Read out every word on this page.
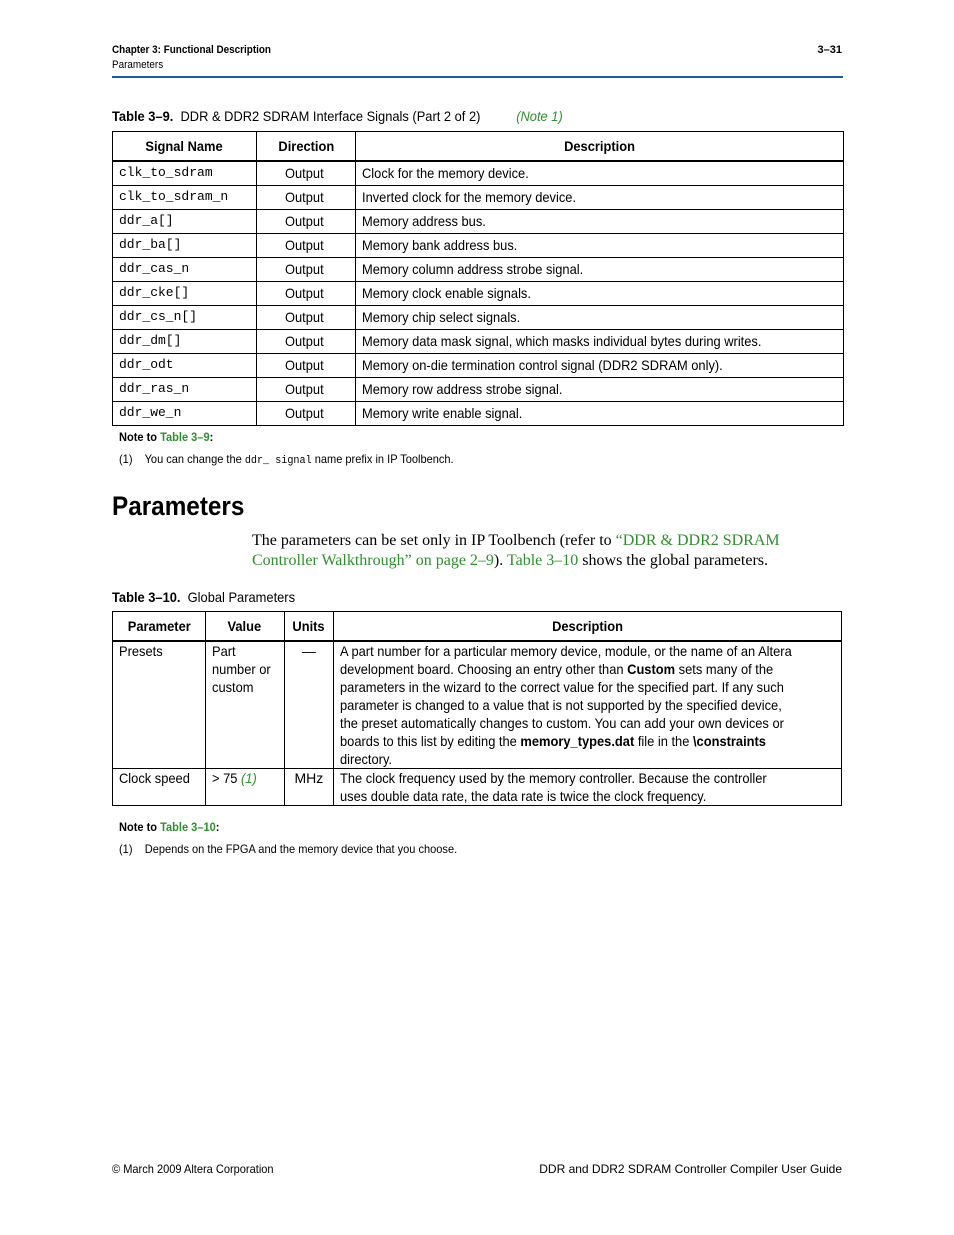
Chapter 3: Functional Description
Parameters
3–31
Table 3–9. DDR & DDR2 SDRAM Interface Signals (Part 2 of 2)	(Note 1)
Signal Name	Direction	Description
clk_to_sdram	Output	Clock for the memory device.
clk_to_sdram_n	Output	Inverted clock for the memory device.
ddr_a[]	Output	Memory address bus.
ddr_ba[]	Output	Memory bank address bus.
ddr_cas_n	Output	Memory column address strobe signal.
ddr_cke[]	Output	Memory clock enable signals.
ddr_cs_n[]	Output	Memory chip select signals.
ddr_dm[]	Output	Memory data mask signal, which masks individual bytes during writes.
ddr_odt	Output	Memory on-die termination control signal (DDR2 SDRAM only).
ddr_ras_n	Output	Memory row address strobe signal.
ddr_we_n	Output	Memory write enable signal.
Note to Table 3–9:
(1) You can change the ddr_ signal name prefix in IP Toolbench.
Parameters
The parameters can be set only in IP Toolbench (refer to “DDR & DDR2 SDRAM Controller Walkthrough” on page 2–9). Table 3–10 shows the global parameters.
Table 3–10. Global Parameters
Parameter	Value	Units	Description
Presets	Part number or custom	—	A part number for a particular memory device, module, or the name of an Altera development board. Choosing an entry other than Custom sets many of the parameters in the wizard to the correct value for the specified part. If any such parameter is changed to a value that is not supported by the specified device, the preset automatically changes to custom. You can add your own devices or boards to this list by editing the memory_types.dat file in the \constraints directory.

Clock speed	> 75 (1)	MHz	The clock frequency used by the memory controller. Because the controller uses double data rate, the data rate is twice the clock frequency.
Note to Table 3–10:
(1) Depends on the FPGA and the memory device that you choose.
© March 2009 Altera Corporation	DDR and DDR2 SDRAM Controller Compiler User Guide
